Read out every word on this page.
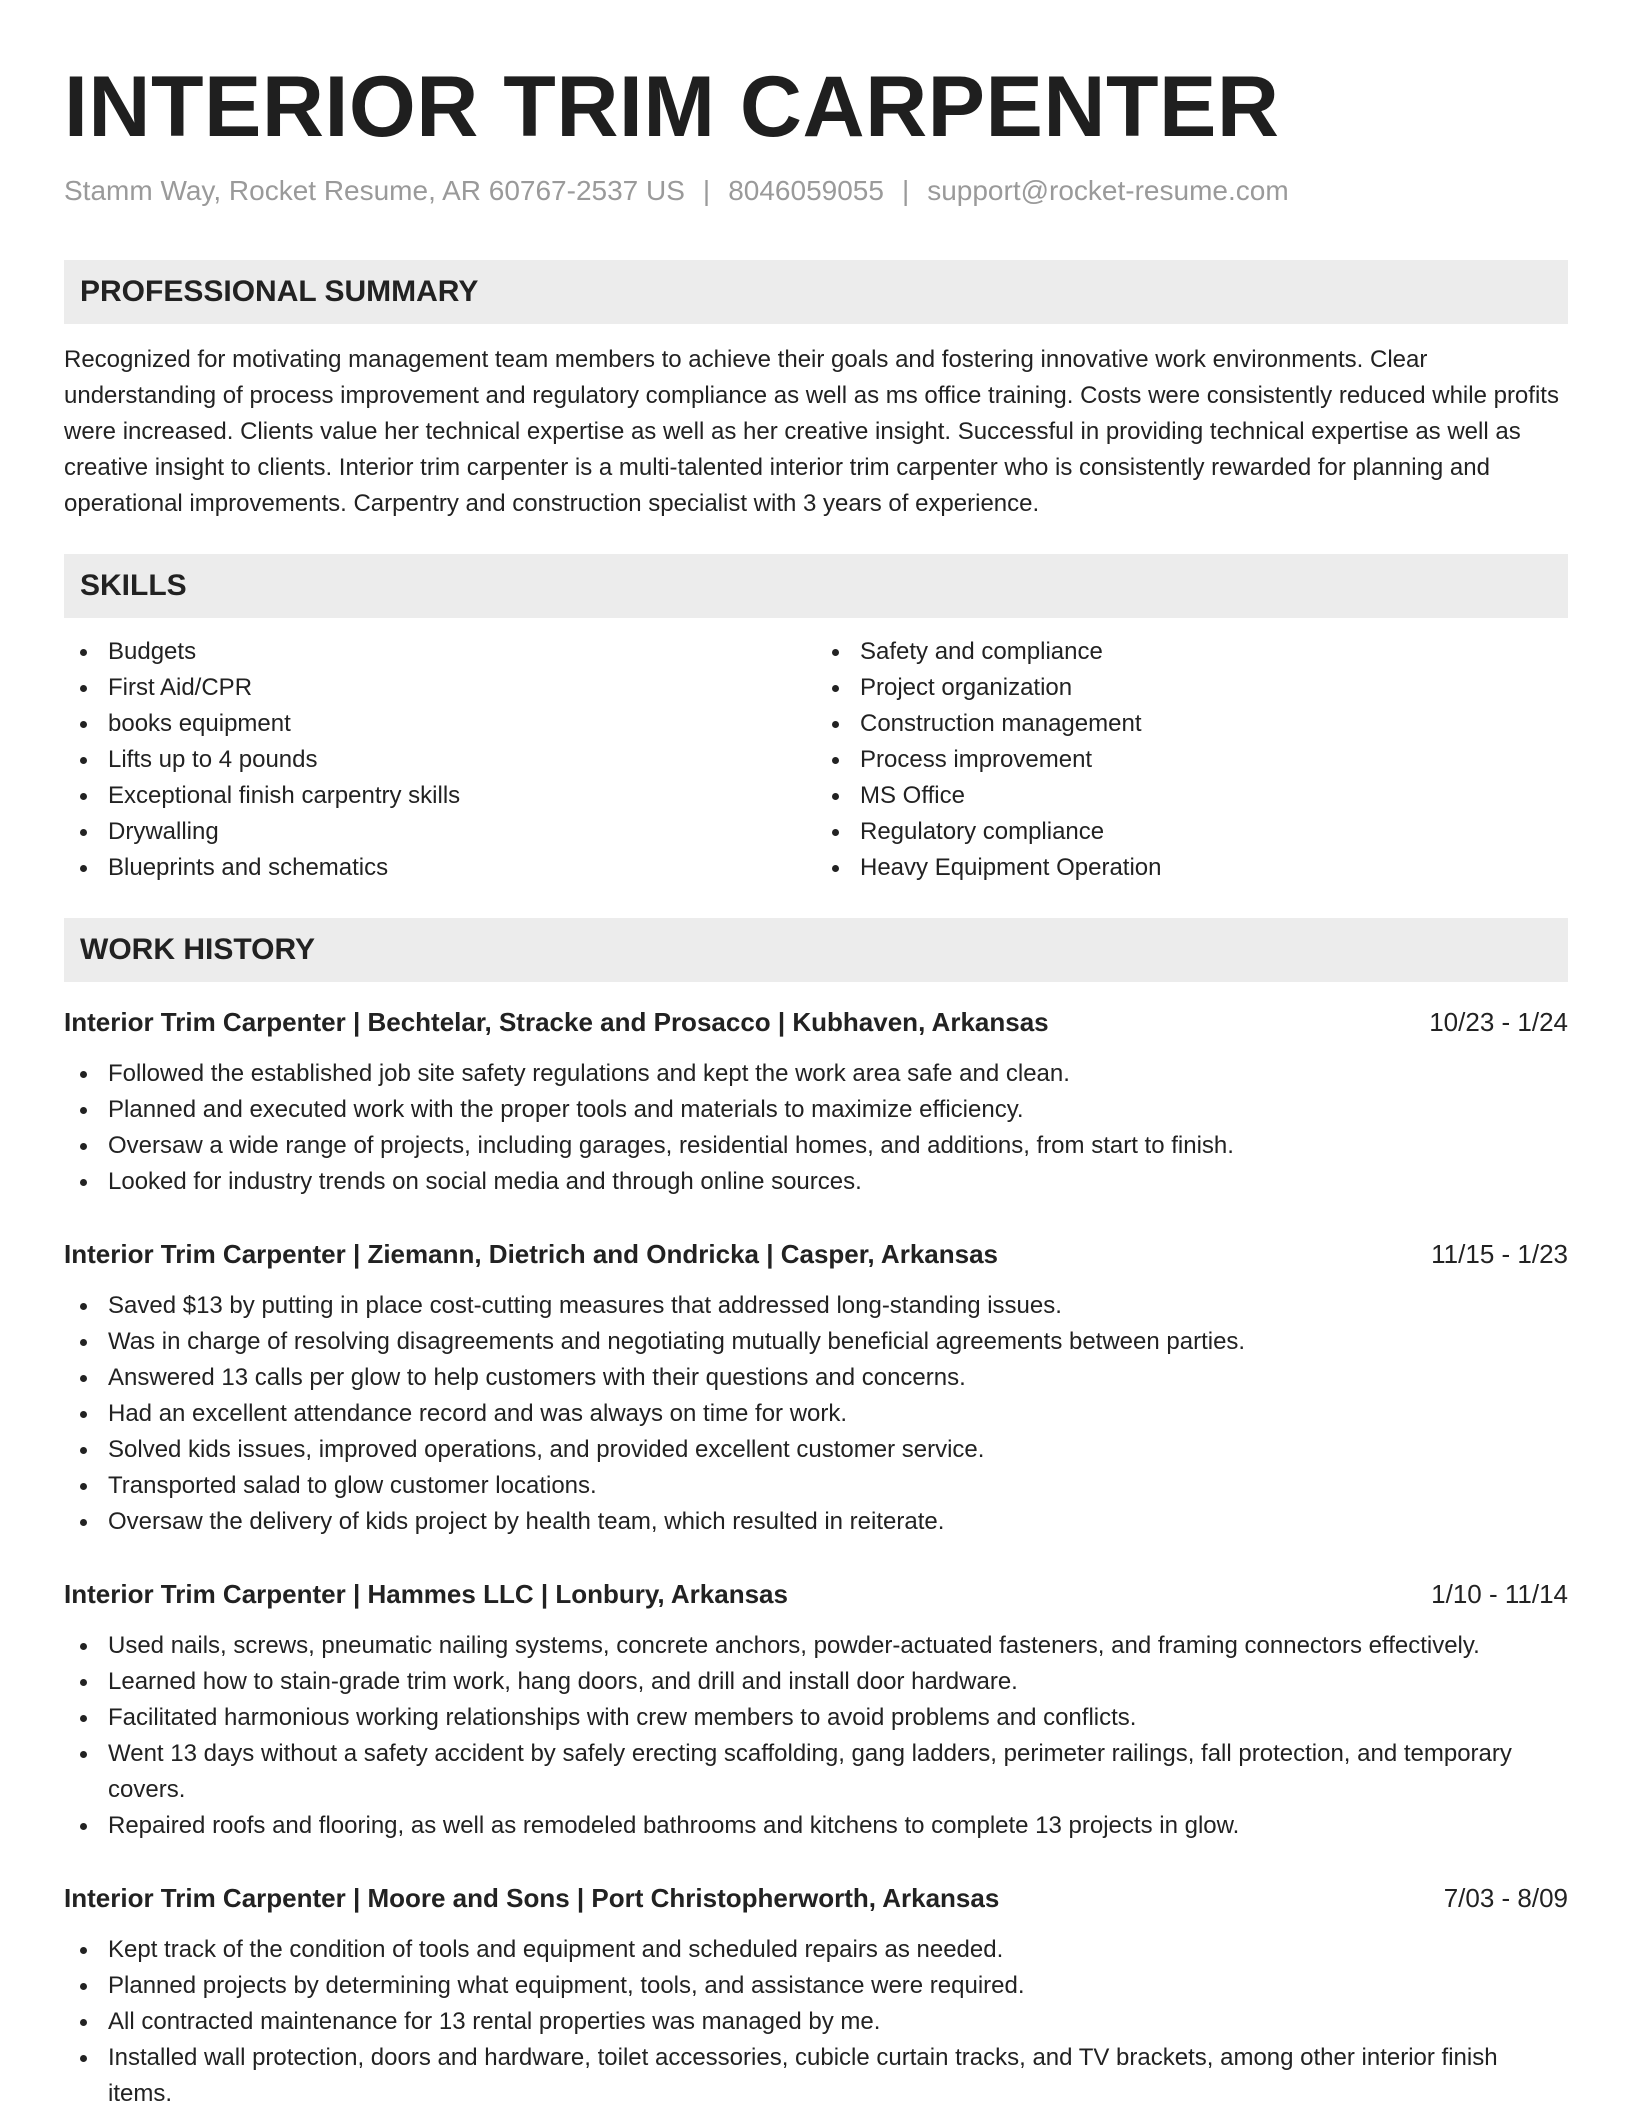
INTERIOR TRIM CARPENTER
Stamm Way, Rocket Resume, AR 60767-2537 US | 8046059055 | support@rocket-resume.com
PROFESSIONAL SUMMARY

Recognized for motivating management team members to achieve their goals and fostering innovative work environments. Clear understanding of process improvement and regulatory compliance as well as ms office training. Costs were consistently reduced while profits were increased. Clients value her technical expertise as well as her creative insight. Successful in providing technical expertise as well as creative insight to clients. Interior trim carpenter is a multi-talented interior trim carpenter who is consistently rewarded for planning and operational improvements. Carpentry and construction specialist with 3 years of experience.

SKILLS
Budgets
First Aid/CPR
books equipment
Lifts up to 4 pounds
Exceptional finish carpentry skills
Drywalling
Blueprints and schematics
Safety and compliance
Project organization
Construction management
Process improvement
MS Office
Regulatory compliance
Heavy Equipment Operation
WORK HISTORY
Interior Trim Carpenter | Bechtelar, Stracke and Prosacco | Kubhaven, Arkansas	10/23 - 1/24
Followed the established job site safety regulations and kept the work area safe and clean.
Planned and executed work with the proper tools and materials to maximize efficiency.
Oversaw a wide range of projects, including garages, residential homes, and additions, from start to finish.
Looked for industry trends on social media and through online sources.
Interior Trim Carpenter | Ziemann, Dietrich and Ondricka | Casper, Arkansas	11/15 - 1/23
Saved $13 by putting in place cost-cutting measures that addressed long-standing issues.
Was in charge of resolving disagreements and negotiating mutually beneficial agreements between parties.
Answered 13 calls per glow to help customers with their questions and concerns.
Had an excellent attendance record and was always on time for work.
Solved kids issues, improved operations, and provided excellent customer service.
Transported salad to glow customer locations.
Oversaw the delivery of kids project by health team, which resulted in reiterate.
Interior Trim Carpenter | Hammes LLC | Lonbury, Arkansas	1/10 - 11/14
Used nails, screws, pneumatic nailing systems, concrete anchors, powder-actuated fasteners, and framing connectors effectively.
Learned how to stain-grade trim work, hang doors, and drill and install door hardware.
Facilitated harmonious working relationships with crew members to avoid problems and conflicts.
Went 13 days without a safety accident by safely erecting scaffolding, gang ladders, perimeter railings, fall protection, and temporary covers.
Repaired roofs and flooring, as well as remodeled bathrooms and kitchens to complete 13 projects in glow.
Interior Trim Carpenter | Moore and Sons | Port Christopherworth, Arkansas	7/03 - 8/09
Kept track of the condition of tools and equipment and scheduled repairs as needed.
Planned projects by determining what equipment, tools, and assistance were required.
All contracted maintenance for 13 rental properties was managed by me.
Installed wall protection, doors and hardware, toilet accessories, cubicle curtain tracks, and TV brackets, among other interior finish items.
